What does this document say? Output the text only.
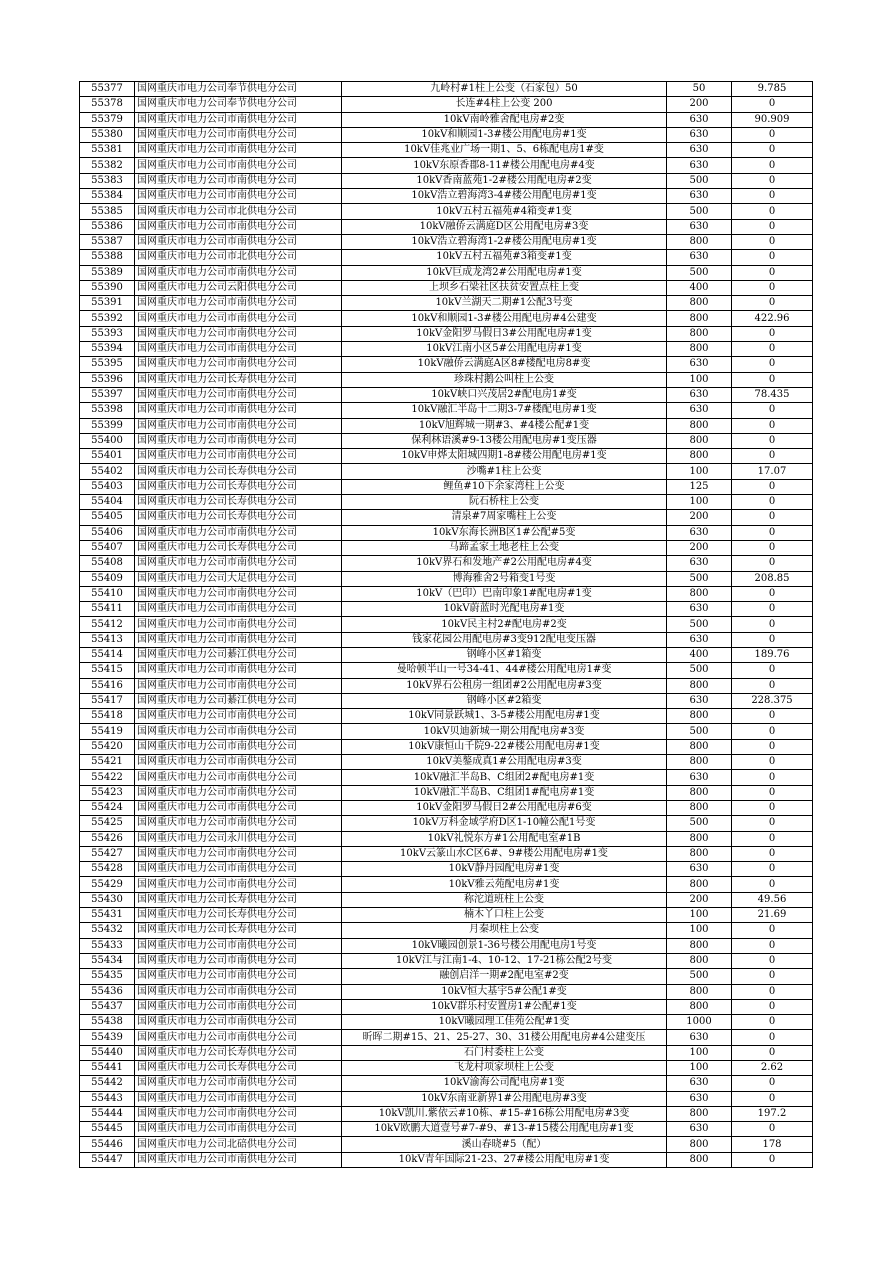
55377	国网重庆市电力公司奉节供电分公司	九岭村#1柱上公变（石家包）50	50	9.785
55378	国网重庆市电力公司奉节供电分公司	长连#4柱上公变 200	200	0
55379	国网重庆市电力公司市南供电分公司	10kV南岭雅舍配电房#2变	630	90.909
55380	国网重庆市电力公司市南供电分公司	10kV和顺园1-3#楼公用配电房#1变	630	0
55381	国网重庆市电力公司市南供电分公司	10kV佳兆业广场一期1、5、6栋配电房1#变	630	0
55382	国网重庆市电力公司市南供电分公司	10kV东原香郡8-11#楼公用配电房#4变	630	0
55383	国网重庆市电力公司市南供电分公司	10kV香南蓝苑1-2#楼公用配电房#2变	500	0
55384	国网重庆市电力公司市南供电分公司	10kV浩立碧海湾3-4#楼公用配电房#1变	630	0
55385	国网重庆市电力公司市北供电分公司	10kV五村五福苑#4箱变#1变	500	0
55386	国网重庆市电力公司市南供电分公司	10kV融侨云满庭D区公用配电房#3变	630	0
55387	国网重庆市电力公司市南供电分公司	10kV浩立碧海湾1-2#楼公用配电房#1变	800	0
55388	国网重庆市电力公司市北供电分公司	10kV五村五福苑#3箱变#1变	630	0
55389	国网重庆市电力公司市南供电分公司	10kV巨成龙湾2#公用配电房#1变	500	0
55390	国网重庆市电力公司云阳供电分公司	上坝乡石梁社区扶贫安置点柱上变	400	0
55391	国网重庆市电力公司市南供电分公司	10kV兰湖天二期#1公配3号变	800	0
55392	国网重庆市电力公司市南供电分公司	10kV和顺园1-3#楼公用配电房#4公建变	800	422.96
55393	国网重庆市电力公司市南供电分公司	10kV金阳罗马假日3#公用配电房#1变	800	0
55394	国网重庆市电力公司市南供电分公司	10kV江南小区5#公用配电房#1变	800	0
55395	国网重庆市电力公司市南供电分公司	10kV融侨云满庭A区8#楼配电房8#变	630	0
55396	国网重庆市电力公司长寿供电分公司	珍珠村鹅公叫柱上公变	100	0
55397	国网重庆市电力公司市南供电分公司	10kV峡口兴茂居2#配电房1#变	630	78.435
55398	国网重庆市电力公司市南供电分公司	10kV融汇半岛十二期3-7#楼配电房#1变	630	0
55399	国网重庆市电力公司市南供电分公司	10kV旭辉城一期#3、#4楼公配#1变	800	0
55400	国网重庆市电力公司市南供电分公司	保利林语溪#9-13楼公用配电房#1变压器	800	0
55401	国网重庆市电力公司市南供电分公司	10kV申烨太阳城四期1-8#楼公用配电房#1变	800	0
55402	国网重庆市电力公司长寿供电分公司	沙嘴#1柱上公变	100	17.07
55403	国网重庆市电力公司长寿供电分公司	鲤鱼#10下余家湾柱上公变	125	0
55404	国网重庆市电力公司长寿供电分公司	阮石桥柱上公变	100	0
55405	国网重庆市电力公司长寿供电分公司	清泉#7周家嘴柱上公变	200	0
55406	国网重庆市电力公司市南供电分公司	10kV东海长洲B区1#公配#5变	630	0
55407	国网重庆市电力公司长寿供电分公司	马蹄孟家土地老柱上公变	200	0
55408	国网重庆市电力公司市南供电分公司	10kV界石和发地产#2公用配电房#4变	630	0
55409	国网重庆市电力公司大足供电分公司	博海雅舍2号箱变1号变	500	208.85
55410	国网重庆市电力公司市南供电分公司	10kV（巴印）巴南印象1#配电房#1变	800	0
55411	国网重庆市电力公司市南供电分公司	10kV蔚蓝时光配电房#1变	630	0
55412	国网重庆市电力公司市南供电分公司	10kV民主村2#配电房#2变	500	0
55413	国网重庆市电力公司市南供电分公司	钱家花园公用配电房#3变912配电变压器	630	0
55414	国网重庆市电力公司綦江供电分公司	钢峰小区#1箱变	400	189.76
55415	国网重庆市电力公司市南供电分公司	曼哈顿半山一号34-41、44#楼公用配电房1#变	500	0
55416	国网重庆市电力公司市南供电分公司	10kV界石公租房一组团#2公用配电房#3变	800	0
55417	国网重庆市电力公司綦江供电分公司	钢峰小区#2箱变	630	228.375
55418	国网重庆市电力公司市南供电分公司	10kV同景跃城1、3-5#楼公用配电房#1变	800	0
55419	国网重庆市电力公司市南供电分公司	10kV贝迪新城一期公用配电房#3变	500	0
55420	国网重庆市电力公司市南供电分公司	10kV康恒山千院9-22#楼公用配电房#1变	800	0
55421	国网重庆市电力公司市南供电分公司	10kV美鏊成真1#公用配电房#3变	800	0
55422	国网重庆市电力公司市南供电分公司	10kV融汇半岛B、C组团2#配电房#1变	630	0
55423	国网重庆市电力公司市南供电分公司	10kV融汇半岛B、C组团1#配电房#1变	800	0
55424	国网重庆市电力公司市南供电分公司	10kV金阳罗马假日2#公用配电房#6变	800	0
55425	国网重庆市电力公司市南供电分公司	10kV万科金域学府D区1-10幢公配1号变	500	0
55426	国网重庆市电力公司永川供电分公司	10kV礼悦东方#1公用配电室#1B	800	0
55427	国网重庆市电力公司市南供电分公司	10kV云篆山水C区6#、9#楼公用配电房#1变	800	0
55428	国网重庆市电力公司市南供电分公司	10kV静丹园配电房#1变	630	0
55429	国网重庆市电力公司市南供电分公司	10kV雅云苑配电房#1变	800	0
55430	国网重庆市电力公司长寿供电分公司	称沱道班柱上公变	200	49.56
55431	国网重庆市电力公司长寿供电分公司	楠木丫口柱上公变	100	21.69
55432	国网重庆市电力公司长寿供电分公司	月秦坝柱上公变	100	0
55433	国网重庆市电力公司市南供电分公司	10kV曦园创景1-36号楼公用配电房1号变	800	0
55434	国网重庆市电力公司市南供电分公司	10kV江与江南1-4、10-12、17-21栋公配2号变	800	0
55435	国网重庆市电力公司市南供电分公司	融创启洋一期#2配电室#2变	500	0
55436	国网重庆市电力公司市南供电分公司	10kV恒大基宇5#公配1#变	800	0
55437	国网重庆市电力公司市南供电分公司	10kV群乐村安置房1#公配#1变	800	0
55438	国网重庆市电力公司市南供电分公司	10kV曦园理工佳苑公配#1变	1000	0
55439	国网重庆市电力公司市南供电分公司	昕晖二期#15、21、25-27、30、31楼公用配电房#4公建变压	630	0
55440	国网重庆市电力公司长寿供电分公司	石门村委柱上公变	100	0
55441	国网重庆市电力公司长寿供电分公司	飞龙村项家坝柱上公变	100	2.62
55442	国网重庆市电力公司市南供电分公司	10kV渝海公司配电房#1变	630	0
55443	国网重庆市电力公司市南供电分公司	10kV东南亚新界1#公用配电房#3变	630	0
55444	国网重庆市电力公司市南供电分公司	10kV凯川.紫依云#10栋、#15-#16栋公用配电房#3变	800	197.2
55445	国网重庆市电力公司市南供电分公司	10kV欧鹏大道壹号#7-#9、#13-#15楼公用配电房#1变	630	0
55446	国网重庆市电力公司北碚供电分公司	溪山春晓#5（配）	800	178
55447	国网重庆市电力公司市南供电分公司	10kV青年国际21-23、27#楼公用配电房#1变	800	0
